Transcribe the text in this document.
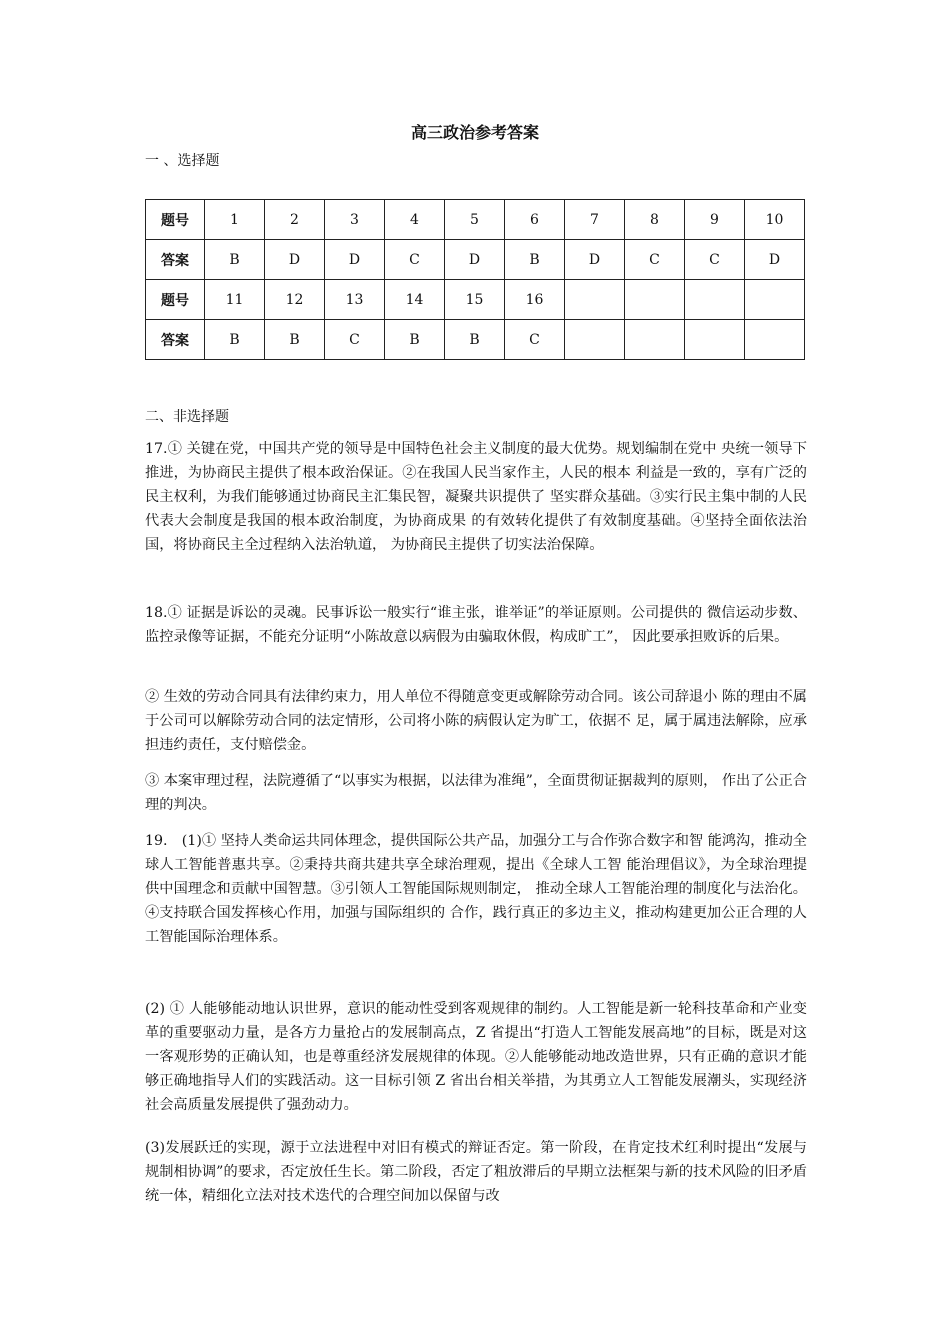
高三政治参考答案
一 、选择题
题号	1	2	3	4	5	6	7	8	9	10
答案	B	D	D	C	D	B	D	C	C	D
题号	11	12	13	14	15	16				
答案	B	B	C	B	B	C				
二、非选择题

17.① 关键在党，中国共产党的领导是中国特色社会主义制度的最大优势。规划编制在党中 央统一领导下推进，为协商民主提供了根本政治保证。②在我国人民当家作主，人民的根本 利益是一致的，享有广泛的民主权利，为我们能够通过协商民主汇集民智，凝聚共识提供了 坚实群众基础。③实行民主集中制的人民代表大会制度是我国的根本政治制度，为协商成果 的有效转化提供了有效制度基础。④坚持全面依法治国，将协商民主全过程纳入法治轨道， 为协商民主提供了切实法治保障。

18.① 证据是诉讼的灵魂。民事诉讼一般实行“谁主张，谁举证”的举证原则。公司提供的 微信运动步数、监控录像等证据，不能充分证明“小陈故意以病假为由骗取休假，构成旷工”， 因此要承担败诉的后果。

② 生效的劳动合同具有法律约束力，用人单位不得随意变更或解除劳动合同。该公司辞退小 陈的理由不属于公司可以解除劳动合同的法定情形，公司将小陈的病假认定为旷工，依据不 足，属于属违法解除，应承担违约责任，支付赔偿金。

③ 本案审理过程，法院遵循了“以事实为根据，以法律为准绳”，全面贯彻证据裁判的原则， 作出了公正合理的判决。

19.　(1)① 坚持人类命运共同体理念，提供国际公共产品，加强分工与合作弥合数字和智 能鸿沟，推动全球人工智能普惠共享。②秉持共商共建共享全球治理观，提出《全球人工智 能治理倡议》，为全球治理提供中国理念和贡献中国智慧。③引领人工智能国际规则制定， 推动全球人工智能治理的制度化与法治化。④支持联合国发挥核心作用，加强与国际组织的 合作，践行真正的多边主义，推动构建更加公正合理的人工智能国际治理体系。

(2) ① 人能够能动地认识世界，意识的能动性受到客观规律的制约。人工智能是新一轮科技革命和产业变革的重要驱动力量，是各方力量抢占的发展制高点，Z 省提出“打造人工智能发展高地”的目标，既是对这一客观形势的正确认知，也是尊重经济发展规律的体现。②人能够能动地改造世界，只有正确的意识才能够正确地指导人们的实践活动。这一目标引领 Z 省出台相关举措，为其勇立人工智能发展潮头，实现经济社会高质量发展提供了强劲动力。

(3)发展跃迁的实现，源于立法进程中对旧有模式的辩证否定。第一阶段，在肯定技术红利时提出“发展与规制相协调”的要求，否定放任生长。第二阶段，否定了粗放滞后的早期立法框架与新的技术风险的旧矛盾统一体，精细化立法对技术迭代的合理空间加以保留与改
